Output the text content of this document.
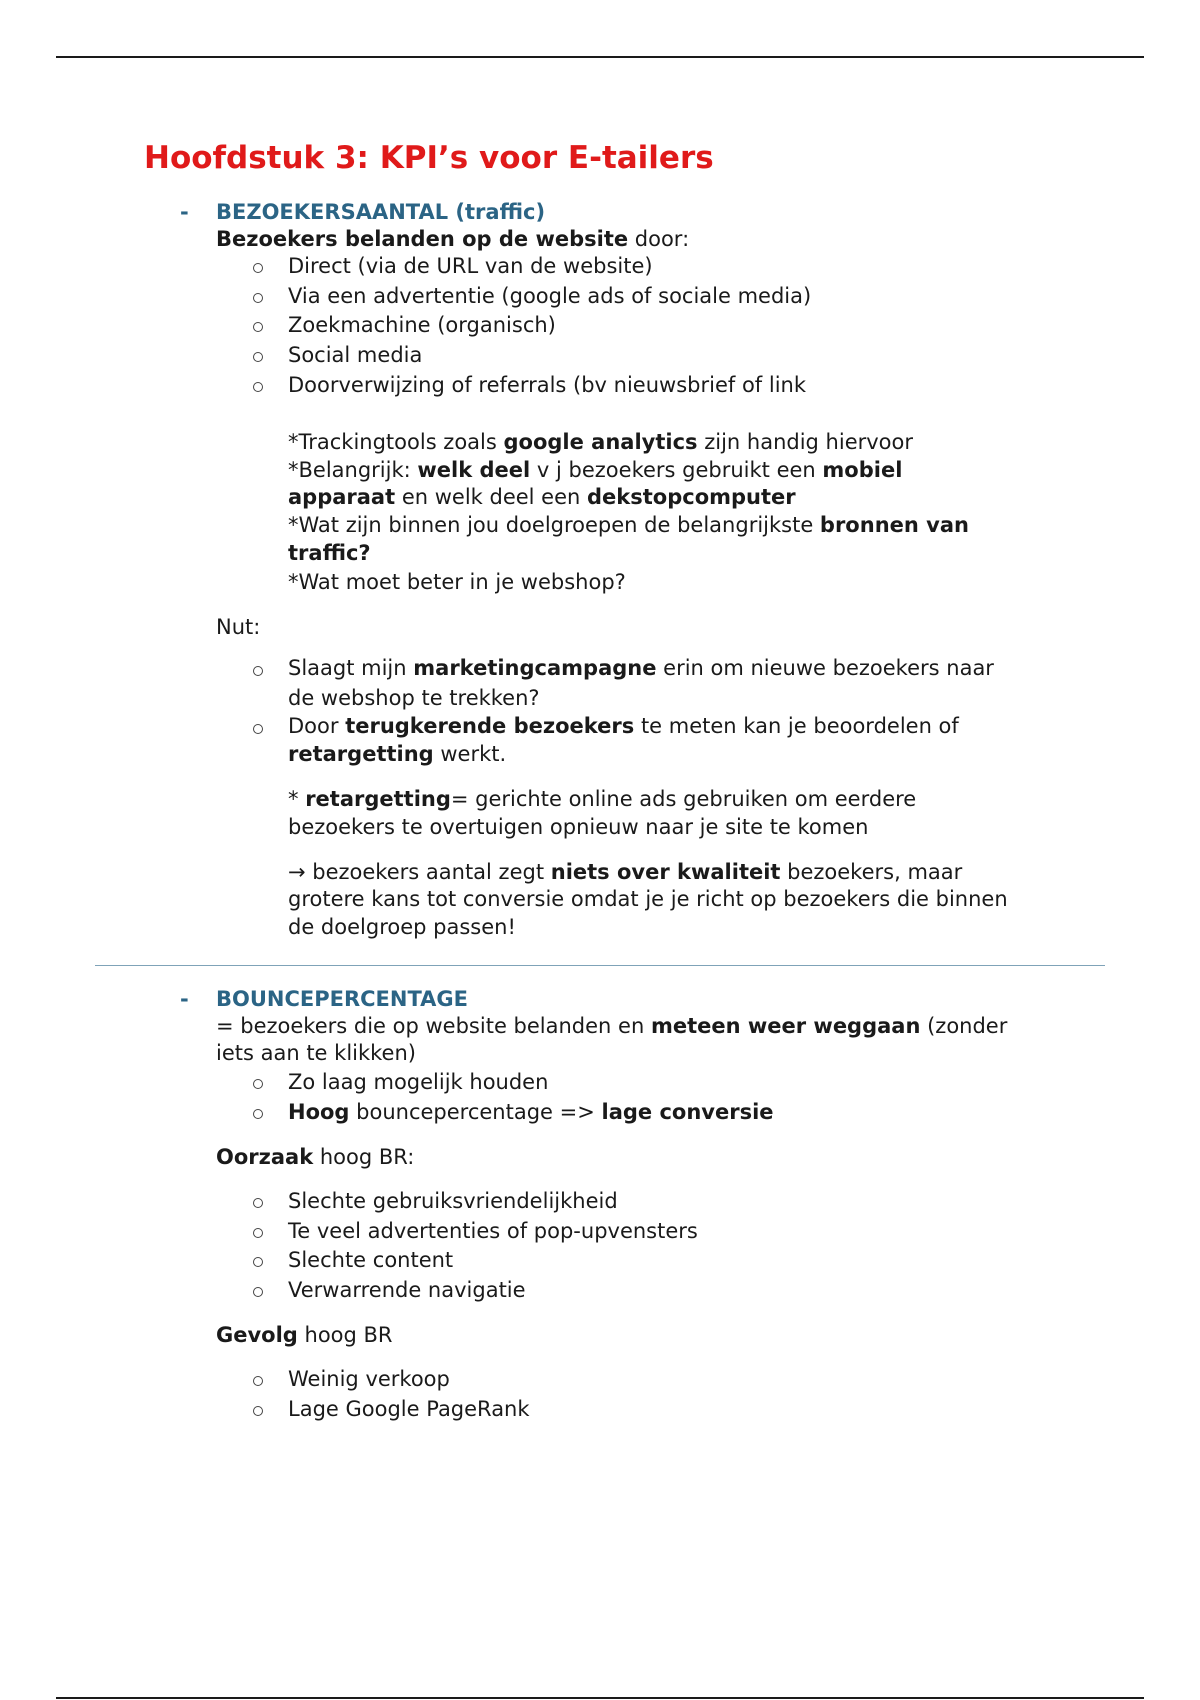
Hoofdstuk 3: KPI’s voor E-tailers
- BEZOEKERSAANTAL (traffic)
Bezoekers belanden op de website door:
Direct (via de URL van de website)
Via een advertentie (google ads of sociale media)
Zoekmachine (organisch)
Social media
Doorverwijzing of referrals (bv nieuwsbrief of link
*Trackingtools zoals google analytics zijn handig hiervoor
*Belangrijk: welk deel v j bezoekers gebruikt een mobiel
apparaat en welk deel een dekstopcomputer
*Wat zijn binnen jou doelgroepen de belangrijkste bronnen van
traffic?
*Wat moet beter in je webshop?
Nut:
Slaagt mijn marketingcampagne erin om nieuwe bezoekers naar
de webshop te trekken?
Door terugkerende bezoekers te meten kan je beoordelen of
retargetting werkt.
* retargetting= gerichte online ads gebruiken om eerdere
bezoekers te overtuigen opnieuw naar je site te komen
→ bezoekers aantal zegt niets over kwaliteit bezoekers, maar
grotere kans tot conversie omdat je je richt op bezoekers die binnen
de doelgroep passen!
- BOUNCEPERCENTAGE
= bezoekers die op website belanden en meteen weer weggaan (zonder
iets aan te klikken)
Zo laag mogelijk houden
Hoog bouncepercentage => lage conversie
Oorzaak hoog BR:
Slechte gebruiksvriendelijkheid
Te veel advertenties of pop-upvensters
Slechte content
Verwarrende navigatie
Gevolg hoog BR
Weinig verkoop
Lage Google PageRank
